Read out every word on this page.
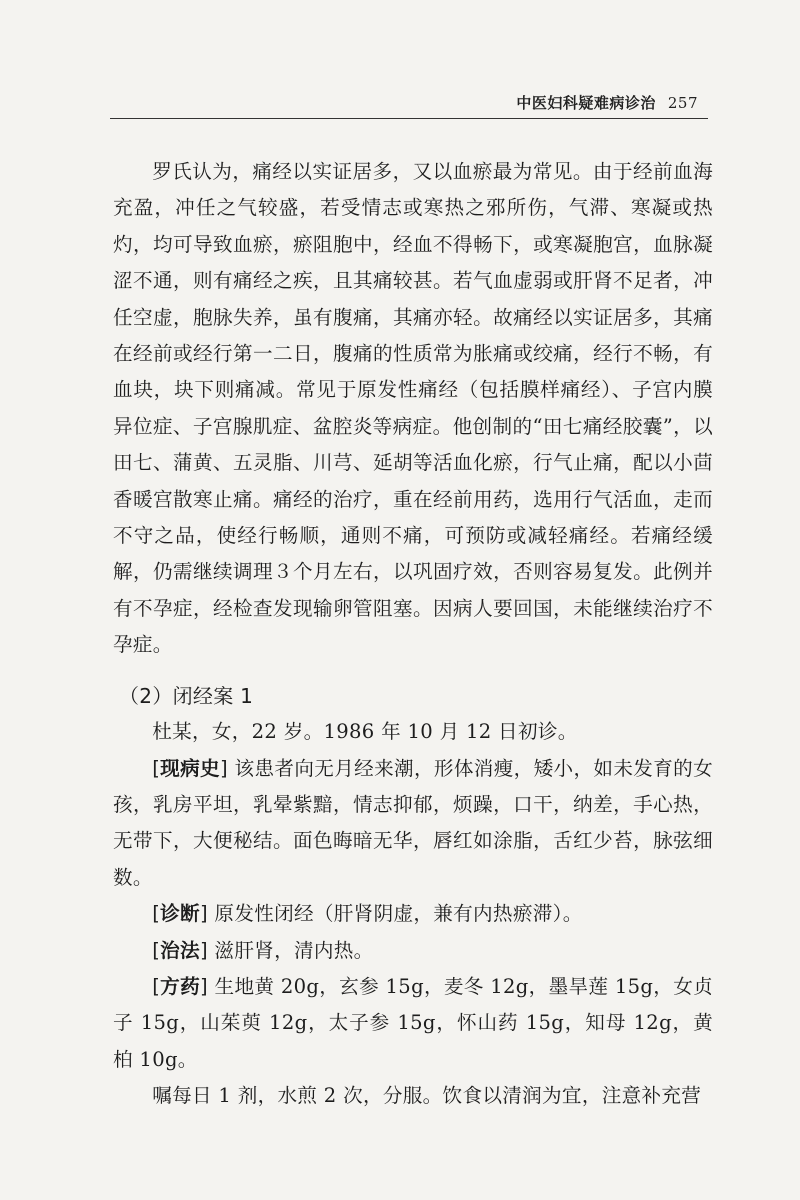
中医妇科疑难病诊治 257

罗氏认为，痛经以实证居多，又以血瘀最为常见。由于经前血海充盈，冲任之气较盛，若受情志或寒热之邪所伤，气滞、寒凝或热灼，均可导致血瘀，瘀阻胞中，经血不得畅下，或寒凝胞宫，血脉凝涩不通，则有痛经之疾，且其痛较甚。若气血虚弱或肝肾不足者，冲任空虚，胞脉失养，虽有腹痛，其痛亦轻。故痛经以实证居多，其痛在经前或经行第一二日，腹痛的性质常为胀痛或绞痛，经行不畅，有血块，块下则痛减。常见于原发性痛经（包括膜样痛经）、子宫内膜异位症、子宫腺肌症、盆腔炎等病症。他创制的“田七痛经胶囊”，以田七、蒲黄、五灵脂、川芎、延胡等活血化瘀，行气止痛，配以小茴香暖宫散寒止痛。痛经的治疗，重在经前用药，选用行气活血，走而不守之品，使经行畅顺，通则不痛，可预防或减轻痛经。若痛经缓解，仍需继续调理３个月左右，以巩固疗效，否则容易复发。此例并有不孕症，经检查发现输卵管阻塞。因病人要回国，未能继续治疗不孕症。

（2）闭经案 1

杜某，女，22 岁。1986 年 10 月 12 日初诊。

[现病史] 该患者向无月经来潮，形体消瘦，矮小，如未发育的女孩，乳房平坦，乳晕紫黯，情志抑郁，烦躁，口干，纳差，手心热，无带下，大便秘结。面色晦暗无华，唇红如涂脂，舌红少苔，脉弦细数。

[诊断] 原发性闭经（肝肾阴虚，兼有内热瘀滞）。

[治法] 滋肝肾，清内热。

[方药] 生地黄 20g，玄参 15g，麦冬 12g，墨旱莲 15g，女贞子 15g，山茱萸 12g，太子参 15g，怀山药 15g，知母 12g，黄柏 10g。

嘱每日 1 剂，水煎 2 次，分服。饮食以清润为宜，注意补充营
